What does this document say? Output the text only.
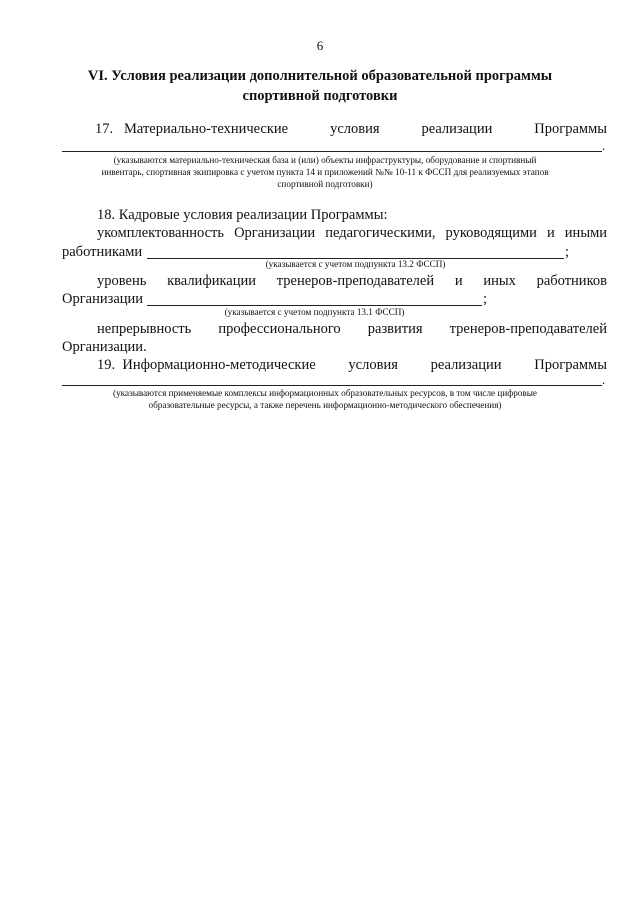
6
VI. Условия реализации дополнительной образовательной программы
спортивной подготовки
17. Материально-технические	условия	реализации	Программы
.
(указываются материально-техническая база и (или) объекты инфраструктуры, оборудование и спортивный
инвентарь, спортивная экипировка с учетом пункта 14 и приложений №№ 10-11 к ФССП для реализуемых этапов
спортивной подготовки)
18. Кадровые условия реализации Программы:
укомплектованность Организации педагогическими, руководящими и иными
работниками	;
(указывается с учетом подпункта 13.2 ФССП)
уровень квалификации тренеров-преподавателей и иных работников
Организации	;
(указывается с учетом подпункта 13.1 ФССП)
непрерывность профессионального развития тренеров-преподавателей
Организации.
19. Информационно-методические условия реализации Программы
.
(указываются применяемые комплексы информационных образовательных ресурсов, в том числе цифровые
образовательные ресурсы, а также перечень информационно-методического обеспечения)
